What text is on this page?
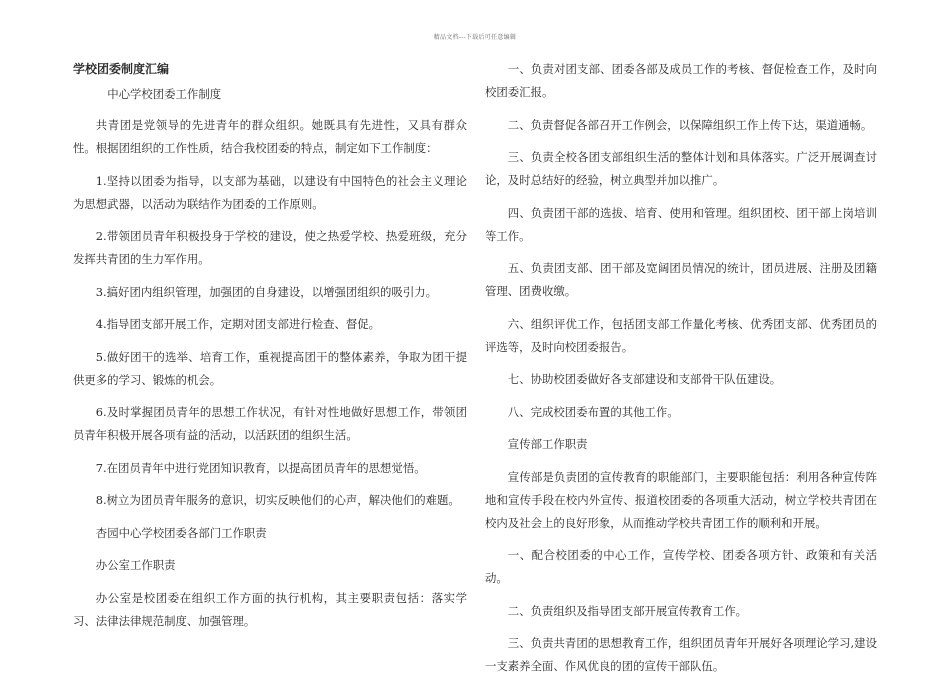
精品文档---下载后可任意编辑

学校团委制度汇编

中心学校团委工作制度

共青团是党领导的先进青年的群众组织。她既具有先进性，又具有群众性。根据团组织的工作性质，结合我校团委的特点，制定如下工作制度：

1.坚持以团委为指导，以支部为基础，以建设有中国特色的社会主义理论为思想武器，以活动为联结作为团委的工作原则。

2.带领团员青年积极投身于学校的建设，使之热爱学校、热爱班级，充分发挥共青团的生力军作用。

3.搞好团内组织管理，加强团的自身建设，以增强团组织的吸引力。

4.指导团支部开展工作，定期对团支部进行检查、督促。

5.做好团干的选举、培育工作，重视提高团干的整体素养，争取为团干提供更多的学习、锻炼的机会。

6.及时掌握团员青年的思想工作状况，有针对性地做好思想工作，带领团员青年积极开展各项有益的活动，以活跃团的组织生活。

7.在团员青年中进行党团知识教育，以提高团员青年的思想觉悟。

8.树立为团员青年服务的意识，切实反映他们的心声，解决他们的难题。

杏园中心学校团委各部门工作职责

办公室工作职责

办公室是校团委在组织工作方面的执行机构，其主要职责包括：落实学习、法律法律规范制度、加强管理。

一、负责对团支部、团委各部及成员工作的考核、督促检查工作，及时向校团委汇报。

二、负责督促各部召开工作例会，以保障组织工作上传下达，渠道通畅。

三、负责全校各团支部组织生活的整体计划和具体落实。广泛开展调查讨论，及时总结好的经验，树立典型并加以推广。

四、负责团干部的选拔、培育、使用和管理。组织团校、团干部上岗培训等工作。

五、负责团支部、团干部及宽阔团员情况的统计，团员进展、注册及团籍管理、团费收缴。

六、组织评优工作，包括团支部工作量化考核、优秀团支部、优秀团员的评选等，及时向校团委报告。

七、协助校团委做好各支部建设和支部骨干队伍建设。

八、完成校团委布置的其他工作。

宣传部工作职责

宣传部是负责团的宣传教育的职能部门，主要职能包括：利用各种宣传阵地和宣传手段在校内外宣传、报道校团委的各项重大活动，树立学校共青团在校内及社会上的良好形象，从而推动学校共青团工作的顺利和开展。

一、配合校团委的中心工作，宣传学校、团委各项方针、政策和有关活动。

二、负责组织及指导团支部开展宣传教育工作。

三、负责共青团的思想教育工作，组织团员青年开展好各项理论学习,建设一支素养全面、作风优良的团的宣传干部队伍。
